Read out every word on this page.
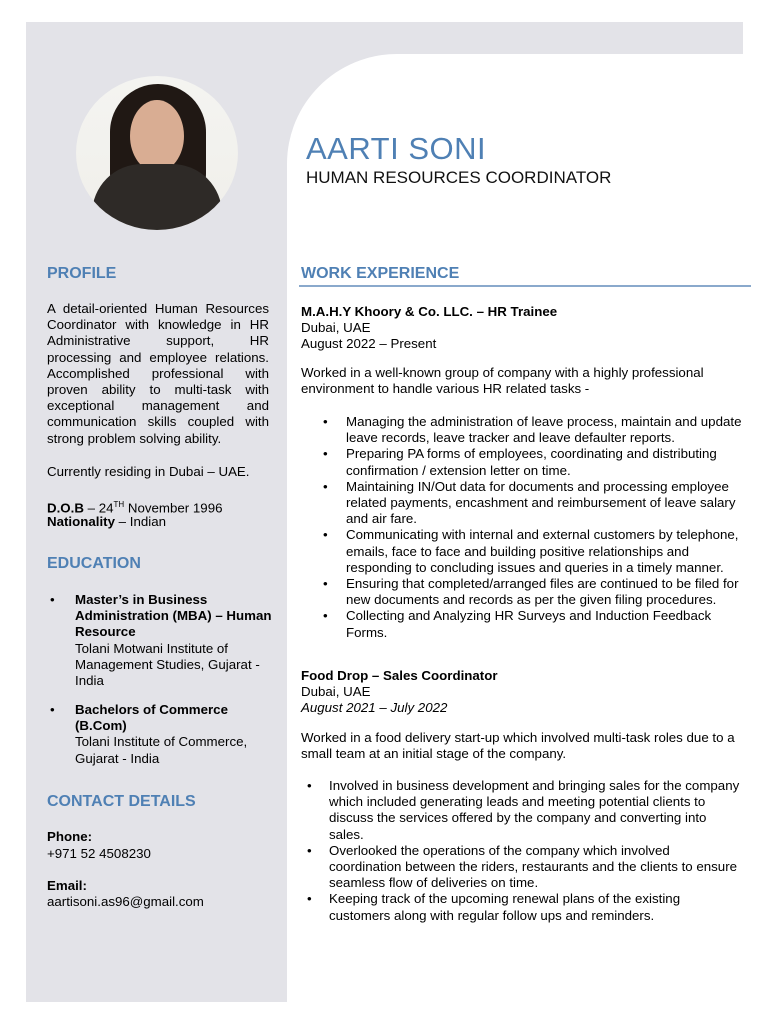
AARTI SONI
HUMAN RESOURCES COORDINATOR
PROFILE
A detail-oriented Human Resources Coordinator with knowledge in HR Administrative support, HR processing and employee relations. Accomplished professional with proven ability to multi-task with exceptional management and communication skills coupled with strong problem solving ability.
Currently residing in Dubai – UAE.
D.O.B – 24TH November 1996
Nationality – Indian
EDUCATION
• Master’s in Business Administration (MBA) – Human Resource
Tolani Motwani Institute of Management Studies, Gujarat - India
• Bachelors of Commerce (B.Com)
Tolani Institute of Commerce, Gujarat - India
CONTACT DETAILS
Phone:
+971 52 4508230
Email:
aartisoni.as96@gmail.com
WORK EXPERIENCE
M.A.H.Y Khoory & Co. LLC. – HR Trainee
Dubai, UAE
August 2022 – Present
Worked in a well-known group of company with a highly professional environment to handle various HR related tasks -
• Managing the administration of leave process, maintain and update leave records, leave tracker and leave defaulter reports.
• Preparing PA forms of employees, coordinating and distributing confirmation / extension letter on time.
• Maintaining IN/Out data for documents and processing employee related payments, encashment and reimbursement of leave salary and air fare.
• Communicating with internal and external customers by telephone, emails, face to face and building positive relationships and responding to concluding issues and queries in a timely manner.
• Ensuring that completed/arranged files are continued to be filed for new documents and records as per the given filing procedures.
• Collecting and Analyzing HR Surveys and Induction Feedback Forms.
Food Drop – Sales Coordinator
Dubai, UAE
August 2021 – July 2022
Worked in a food delivery start-up which involved multi-task roles due to a small team at an initial stage of the company.
• Involved in business development and bringing sales for the company which included generating leads and meeting potential clients to discuss the services offered by the company and converting into sales.
• Overlooked the operations of the company which involved coordination between the riders, restaurants and the clients to ensure seamless flow of deliveries on time.
• Keeping track of the upcoming renewal plans of the existing customers along with regular follow ups and reminders.
